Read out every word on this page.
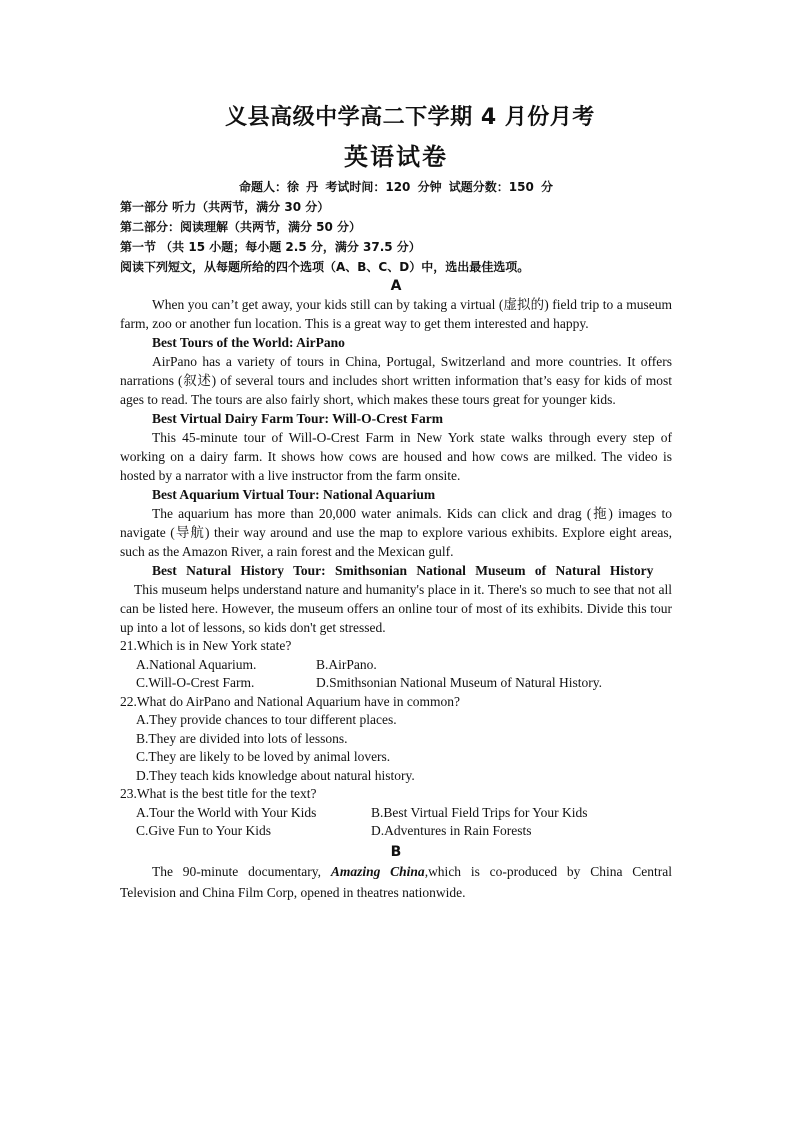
义县高级中学高二下学期 4 月份月考
英语试卷
命题人：徐 丹 考试时间：120 分钟 试题分数：150 分

第一部分 听力（共两节，满分 30 分）

第二部分：阅读理解（共两节，满分 50 分）

第一节 （共 15 小题；每小题 2.5 分，满分 37.5 分）

阅读下列短文，从每题所给的四个选项（A、B、C、D）中，选出最佳选项。

A

When you can’t get away, your kids still can by taking a virtual (虚拟的) field trip to a museum farm, zoo or another fun location. This is a great way to get them interested and happy.

Best Tours of the World: AirPano

AirPano has a variety of tours in China, Portugal, Switzerland and more countries. It offers narrations (叙述) of several tours and includes short written information that’s easy for kids of most ages to read. The tours are also fairly short, which makes these tours great for younger kids.

Best Virtual Dairy Farm Tour: Will-O-Crest Farm

This 45-minute tour of Will-O-Crest Farm in New York state walks through every step of working on a dairy farm. It shows how cows are housed and how cows are milked. The video is hosted by a narrator with a live instructor from the farm onsite.

Best Aquarium Virtual Tour: National Aquarium

The aquarium has more than 20,000 water animals. Kids can click and drag (拖) images to navigate (导航) their way around and use the map to explore various exhibits. Explore eight areas, such as the Amazon River, a rain forest and the Mexican gulf.

Best Natural History Tour: Smithsonian National Museum of Natural History

This museum helps understand nature and humanity's place in it. There's so much to see that not all can be listed here. However, the museum offers an online tour of most of its exhibits. Divide this tour up into a lot of lessons, so kids don't get stressed.

21.Which is in New York state?

A.National Aquarium.	B.AirPano.
C.Will-O-Crest Farm.	D.Smithsonian National Museum of Natural History.

22.What do AirPano and National Aquarium have in common?

A.They provide chances to tour different places.
B.They are divided into lots of lessons.
C.They are likely to be loved by animal lovers.
D.They teach kids knowledge about natural history.

23.What is the best title for the text?

A.Tour the World with Your Kids	B.Best Virtual Field Trips for Your Kids
C.Give Fun to Your Kids	D.Adventures in Rain Forests
B

The 90-minute documentary, Amazing China,which is co-produced by China Central Television and China Film Corp, opened in theatres nationwide.
